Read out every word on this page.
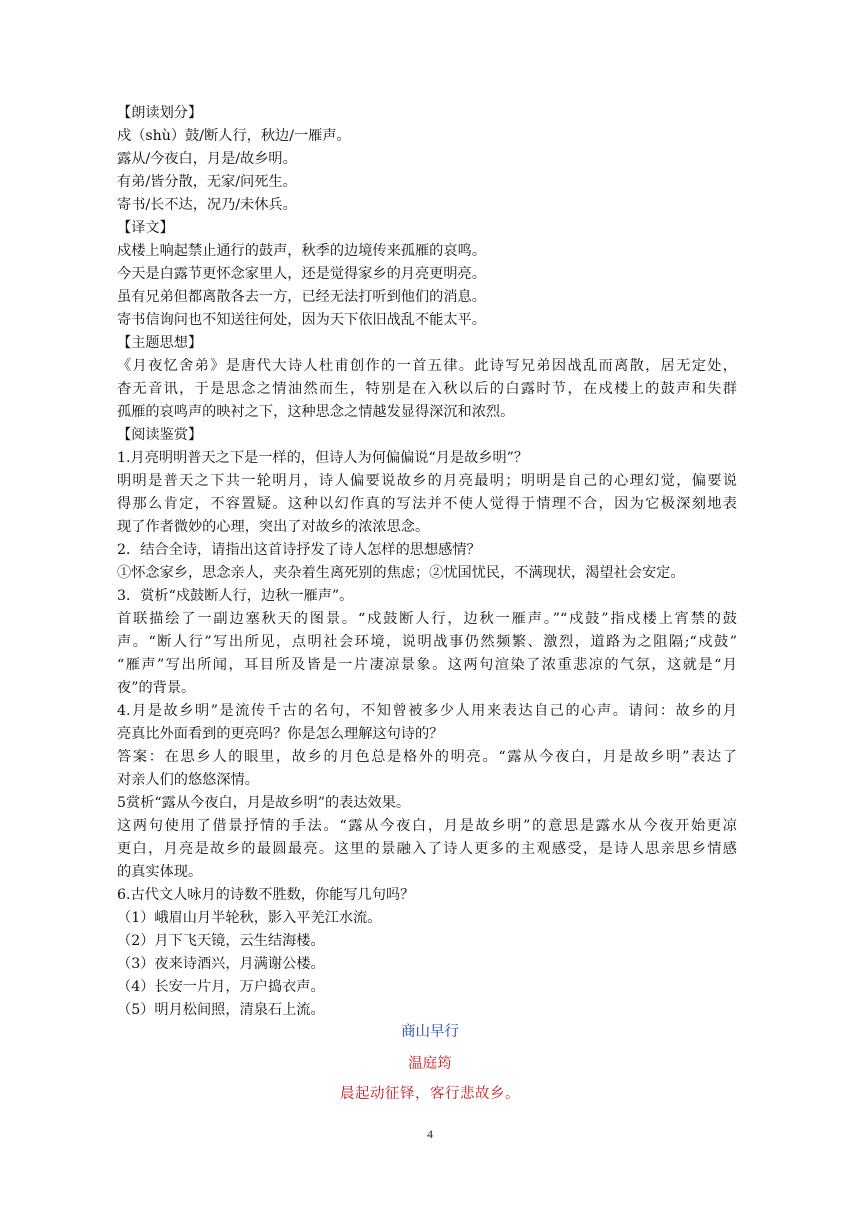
【朗读划分】
戍（shù）鼓/断人行，秋边/一雁声。
露从/今夜白，月是/故乡明。
有弟/皆分散，无家/问死生。
寄书/长不达，况乃/未休兵。
【译文】
戍楼上响起禁止通行的鼓声，秋季的边境传来孤雁的哀鸣。
今天是白露节更怀念家里人，还是觉得家乡的月亮更明亮。
虽有兄弟但都离散各去一方，已经无法打听到他们的消息。
寄书信询问也不知送往何处，因为天下依旧战乱不能太平。
【主题思想】
《月夜忆舍弟》是唐代大诗人杜甫创作的一首五律。此诗写兄弟因战乱而离散，居无定处，
杳无音讯，于是思念之情油然而生，特别是在入秋以后的白露时节，在戍楼上的鼓声和失群
孤雁的哀鸣声的映衬之下，这种思念之情越发显得深沉和浓烈。
【阅读鉴赏】
1.月亮明明普天之下是一样的，但诗人为何偏偏说“月是故乡明”？
明明是普天之下共一轮明月，诗人偏要说故乡的月亮最明；明明是自己的心理幻觉，偏要说
得那么肯定，不容置疑。这种以幻作真的写法并不使人觉得于情理不合，因为它极深刻地表
现了作者微妙的心理，突出了对故乡的浓浓思念。
2．结合全诗，请指出这首诗抒发了诗人怎样的思想感情？
①怀念家乡，思念亲人，夹杂着生离死别的焦虑；②忧国忧民，不满现状，渴望社会安定。
3．赏析“戍鼓断人行，边秋一雁声”。
首联描绘了一副边塞秋天的图景。“戍鼓断人行，边秋一雁声。”“戍鼓”指戍楼上宵禁的鼓
声。“断人行”写出所见，点明社会环境，说明战事仍然频繁、激烈，道路为之阻隔;“戍鼓”
“雁声”写出所闻，耳目所及皆是一片凄凉景象。这两句渲染了浓重悲凉的气氛，这就是“月
夜”的背景。
4.月是故乡明”是流传千古的名句，不知曾被多少人用来表达自己的心声。请问：故乡的月
亮真比外面看到的更亮吗？你是怎么理解这句诗的？
答案：在思乡人的眼里，故乡的月色总是格外的明亮。“露从今夜白，月是故乡明”表达了
对亲人们的悠悠深情。
5赏析“露从今夜白，月是故乡明”的表达效果。
这两句使用了借景抒情的手法。“露从今夜白，月是故乡明”的意思是露水从今夜开始更凉
更白，月亮是故乡的最圆最亮。这里的景融入了诗人更多的主观感受，是诗人思亲思乡情感
的真实体现。
6.古代文人咏月的诗数不胜数，你能写几句吗？
（1）峨眉山月半轮秋，影入平羌江水流。
（2）月下飞天镜，云生结海楼。
（3）夜来诗酒兴，月满谢公楼。
（4）长安一片月，万户捣衣声。
（5）明月松间照，清泉石上流。
商山早行
温庭筠
晨起动征铎，客行悲故乡。
4
